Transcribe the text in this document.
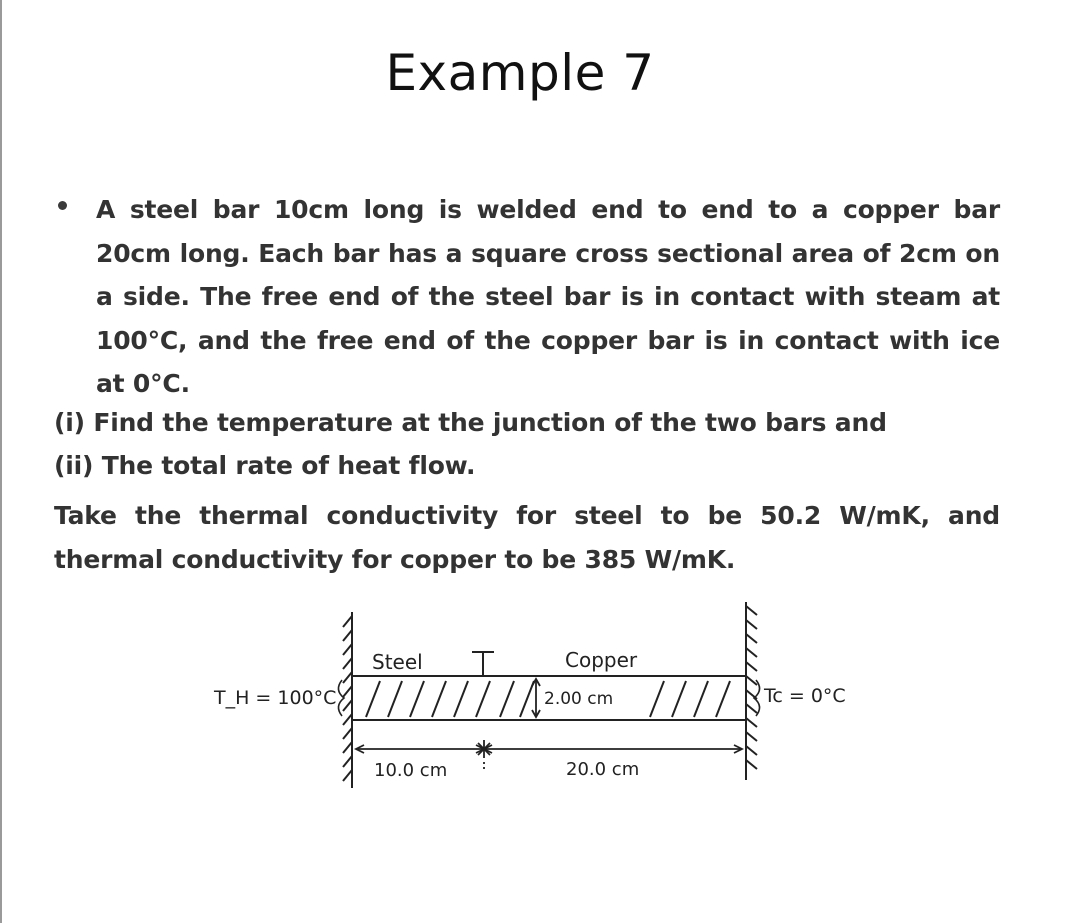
Example 7
A steel bar 10cm long is welded end to end to a copper bar 20cm long. Each bar has a square cross sectional area of 2cm on a side. The free end of the steel bar is in contact with steam at 100°C, and the free end of the copper bar is in contact with ice at 0°C.
(i) Find the temperature at the junction of the two bars and
(ii) The total rate of heat flow.
Take the thermal conductivity for steel to be 50.2 W/mK, and thermal conductivity for copper to be 385 W/mK.
Steel	Copper
2.00 cm
T_H = 100°C	Tc = 0°C
10.0 cm	20.0 cm
